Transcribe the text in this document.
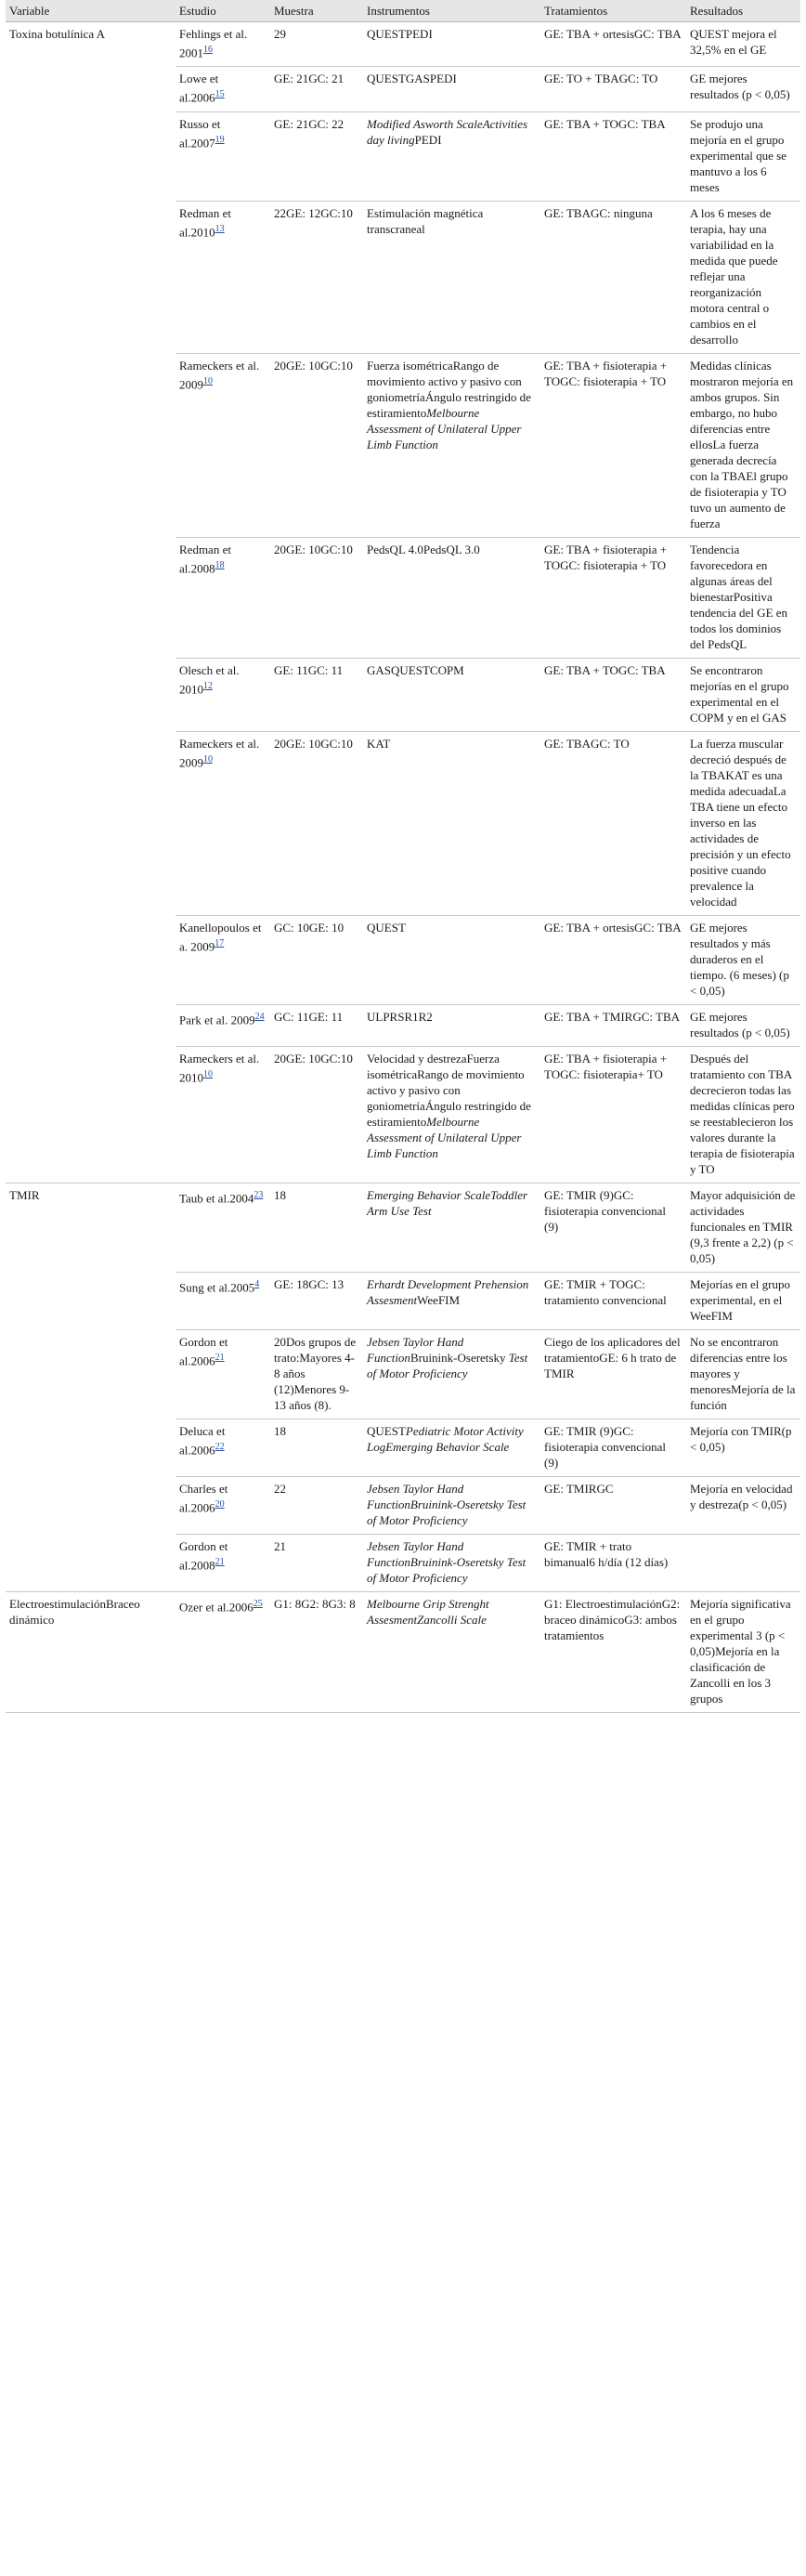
Variable	Estudio	Muestra	Instrumentos	Tratamientos	Resultados
Toxina botulínica A	Fehlings et al. 2001$^{16}$	29	QUESTPEDI	GE: TBA + ortesisGC: TBA	QUEST mejora el 32,5% en el GE
	Lowe et al.2006$^{15}$	GE: 21GC: 21	QUESTGASPEDI	GE: TO + TBAGC: TO	GE mejores resultados (p < 0,05)
	Russo et al.2007$^{19}$	GE: 21GC: 22	Modified Asworth ScaleActivities day livingPEDI	GE: TBA + TOGC: TBA	Se produjo una mejoría en el grupo experimental que se mantuvo a los 6 meses
	Redman et al.2010$^{13}$	22GE: 12GC:10	Estimulación magnética transcraneal	GE: TBAGC: ninguna	A los 6 meses de terapia, hay una variabilidad en la medida que puede reflejar una reorganización motora central o cambios en el desarrollo
	Rameckers et al. 2009$^{10}$	20GE: 10GC:10	Fuerza isométricaRango de movimiento activo y pasivo con goniometríaÁngulo restringido de estiramientoMelbourne Assessment of Unilateral Upper Limb Function	GE: TBA + fisioterapia + TOGC: fisioterapia + TO	Medidas clínicas mostraron mejoría en ambos grupos. Sin embargo, no hubo diferencias entre ellosLa fuerza generada decrecía con la TBAEl grupo de fisioterapia y TO tuvo un aumento de fuerza
	Redman et al.2008$^{18}$	20GE: 10GC:10	PedsQL 4.0PedsQL 3.0	GE: TBA + fisioterapia + TOGC: fisioterapia + TO	Tendencia favorecedora en algunas áreas del bienestarPositiva tendencia del GE en todos los dominios del PedsQL
	Olesch et al. 2010$^{12}$	GE: 11GC: 11	GASQUESTCOPM	GE: TBA + TOGC: TBA	Se encontraron mejorías en el grupo experimental en el COPM y en el GAS
	Rameckers et al. 2009$^{10}$	20GE: 10GC:10	KAT	GE: TBAGC: TO	La fuerza muscular decreció después de la TBAKAT es una medida adecuadaLa TBA tiene un efecto inverso en las actividades de precisión y un efecto positive cuando prevalence la velocidad
	Kanellopoulos et a. 2009$^{17}$	GC: 10GE: 10	QUEST	GE: TBA + ortesisGC: TBA	GE mejores resultados y más duraderos en el tiempo. (6 meses) (p < 0,05)
	Park et al. 2009$^{24}$	GC: 11GE: 11	ULPRSR1R2	GE: TBA + TMIRGC: TBA	GE mejores resultados (p < 0,05)
	Rameckers et al. 2010$^{10}$	20GE: 10GC:10	Velocidad y destrezaFuerza isométricaRango de movimiento activo y pasivo con goniometríaÁngulo restringido de estiramientoMelbourne Assessment of Unilateral Upper Limb Function	GE: TBA + fisioterapia + TOGC: fisioterapia+ TO	Después del tratamiento con TBA decrecieron todas las medidas clínicas pero se reestablecieron los valores durante la terapia de fisioterapia y TO
TMIR	Taub et al.2004$^{23}$	18	Emerging Behavior ScaleToddler Arm Use Test	GE: TMIR (9)GC: fisioterapia convencional (9)	Mayor adquisición de actividades funcionales en TMIR (9,3 frente a 2,2) (p < 0,05)
	Sung et al.2005$^4$	GE: 18GC: 13	Erhardt Development Prehension AssesmentWeeFIM	GE: TMIR + TOGC: tratamiento convencional	Mejorías en el grupo experimental, en el WeeFIM
	Gordon et al.2006$^{21}$	20Dos grupos de trato:Mayores 4-8 años (12)Menores 9-13 años (8).	Jebsen Taylor Hand FunctionBruinink-Oseretsky Test of Motor Proficiency	Ciego de los aplicadores del tratamientoGE: 6 h trato de TMIR	No se encontraron diferencias entre los mayores y menoresMejoría de la función
	Deluca et al.2006$^{22}$	18	QUESTPediatric Motor Activity LogEmerging Behavior Scale	GE: TMIR (9)GC: fisioterapia convencional (9)	Mejoría con TMIR(p < 0,05)
	Charles et al.2006$^{20}$	22	Jebsen Taylor Hand FunctionBruinink-Oseretsky Test of Motor Proficiency	GE: TMIRGC	Mejoría en velocidad y destreza(p < 0,05)
	Gordon et al.2008$^{21}$	21	Jebsen Taylor Hand FunctionBruinink-Oseretsky Test of Motor Proficiency	GE: TMIR + trato bimanual6 h/día (12 días)	
ElectroestimulaciónBraceo dinámico	Ozer et al.2006$^{25}$	G1: 8G2: 8G3: 8	Melbourne Grip Strenght AssesmentZancolli Scale	G1: ElectroestimulaciónG2: braceo dinámicoG3: ambos tratamientos	Mejoría significativa en el grupo experimental 3 (p < 0,05)Mejoría en la clasificación de Zancolli en los 3 grupos
